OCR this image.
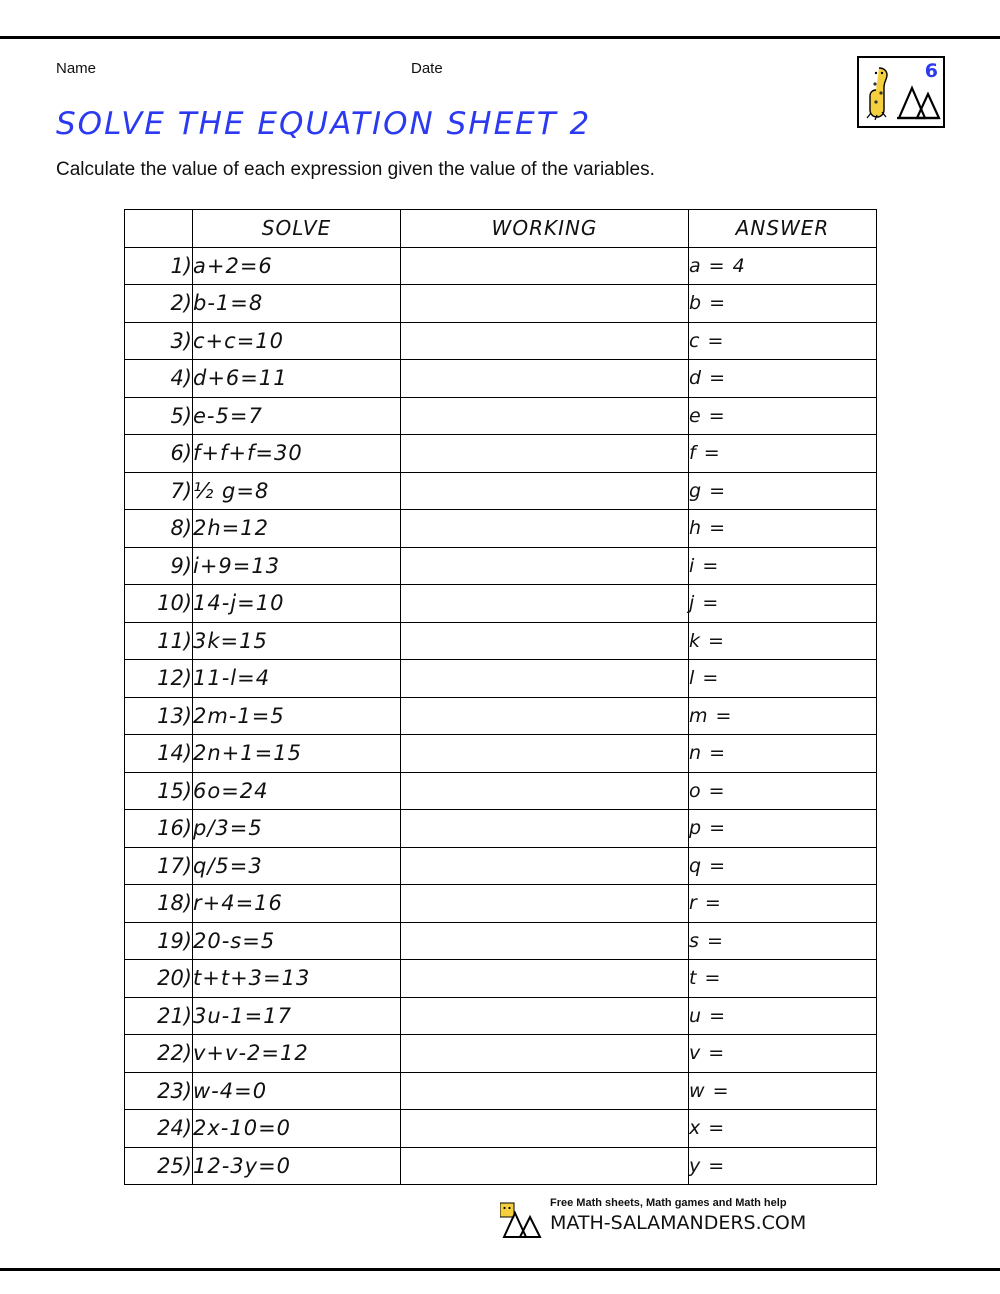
Name	Date	6
SOLVE THE EQUATION SHEET 2
Calculate the value of each expression given the value of the variables.
	SOLVE	WORKING	ANSWER
1)	a+2=6		a = 4
2)	b-1=8		b =
3)	c+c=10		c =
4)	d+6=11		d =
5)	e-5=7		e =
6)	f+f+f=30		f =
7)	½ g=8		g =
8)	2h=12		h =
9)	i+9=13		i =
10)	14-j=10		j =
11)	3k=15		k =
12)	11-l=4		l =
13)	2m-1=5		m =
14)	2n+1=15		n =
15)	6o=24		o =
16)	p/3=5		p =
17)	q/5=3		q =
18)	r+4=16		r =
19)	20-s=5		s =
20)	t+t+3=13		t =
21)	3u-1=17		u =
22)	v+v-2=12		v =
23)	w-4=0		w =
24)	2x-10=0		x =
25)	12-3y=0		y =
Free Math sheets, Math games and Math help
MATH-SALAMANDERS.COM
